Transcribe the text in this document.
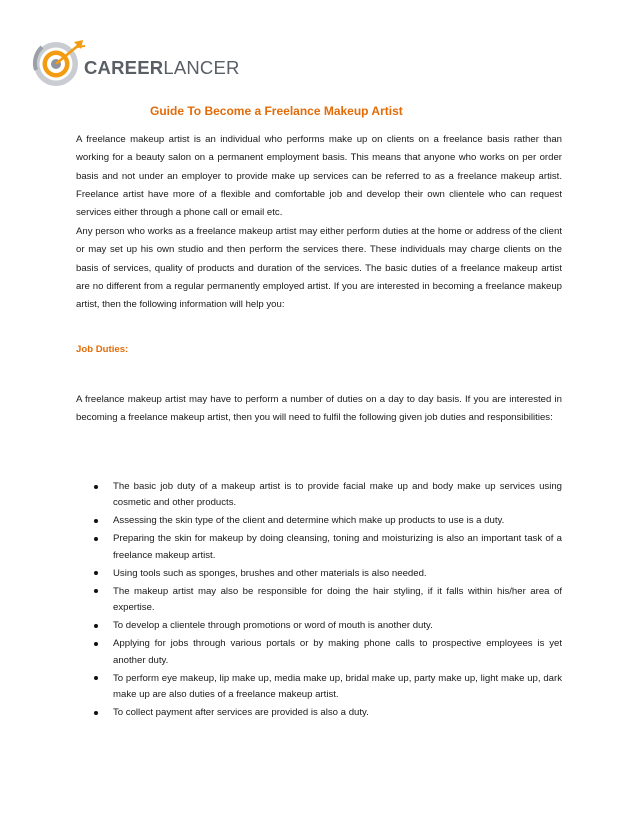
CAREERLANCER
Guide To Become a Freelance Makeup Artist

A freelance makeup artist is an individual who performs make up on clients on a freelance basis rather than working for a beauty salon on a permanent employment basis. This means that anyone who works on per order basis and not under an employer to provide make up services can be referred to as a freelance makeup artist. Freelance artist have more of a flexible and comfortable job and develop their own clientele who can request services either through a phone call or email etc.

Any person who works as a freelance makeup artist may either perform duties at the home or address of the client or may set up his own studio and then perform the services there. These individuals may charge clients on the basis of services, quality of products and duration of the services. The basic duties of a freelance makeup artist are no different from a regular permanently employed artist. If you are interested in becoming a freelance makeup artist, then the following information will help you:

Job Duties:

A freelance makeup artist may have to perform a number of duties on a day to day basis. If you are interested in becoming a freelance makeup artist, then you will need to fulfil the following given job duties and responsibilities:

The basic job duty of a makeup artist is to provide facial make up and body make up services using cosmetic and other products.
Assessing the skin type of the client and determine which make up products to use is a duty.
Preparing the skin for makeup by doing cleansing, toning and moisturizing is also an important task of a freelance makeup artist.
Using tools such as sponges, brushes and other materials is also needed.
The makeup artist may also be responsible for doing the hair styling, if it falls within his/her area of expertise.
To develop a clientele through promotions or word of mouth is another duty.
Applying for jobs through various portals or by making phone calls to prospective employees is yet another duty.
To perform eye makeup, lip make up, media make up, bridal make up, party make up, light make up, dark make up are also duties of a freelance makeup artist.
To collect payment after services are provided is also a duty.
